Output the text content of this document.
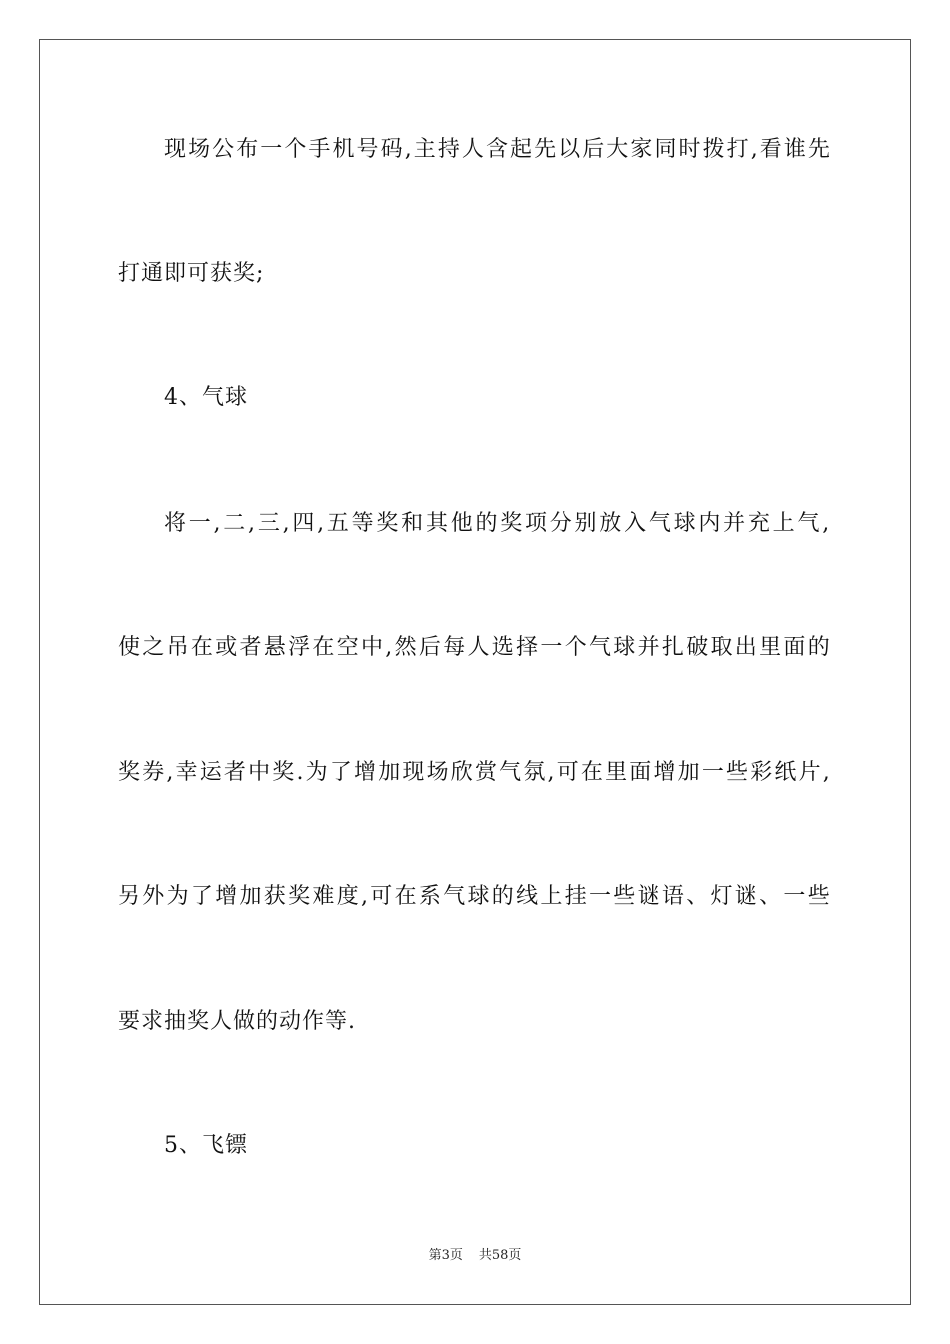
现场公布一个手机号码,主持人含起先以后大家同时拨打,看谁先
打通即可获奖;
4、气球
将一,二,三,四,五等奖和其他的奖项分别放入气球内并充上气,
使之吊在或者悬浮在空中,然后每人选择一个气球并扎破取出里面的
奖券,幸运者中奖.为了增加现场欣赏气氛,可在里面增加一些彩纸片,
另外为了增加获奖难度,可在系气球的线上挂一些谜语、灯谜、一些
要求抽奖人做的动作等.
5、飞镖
第3页 共58页
